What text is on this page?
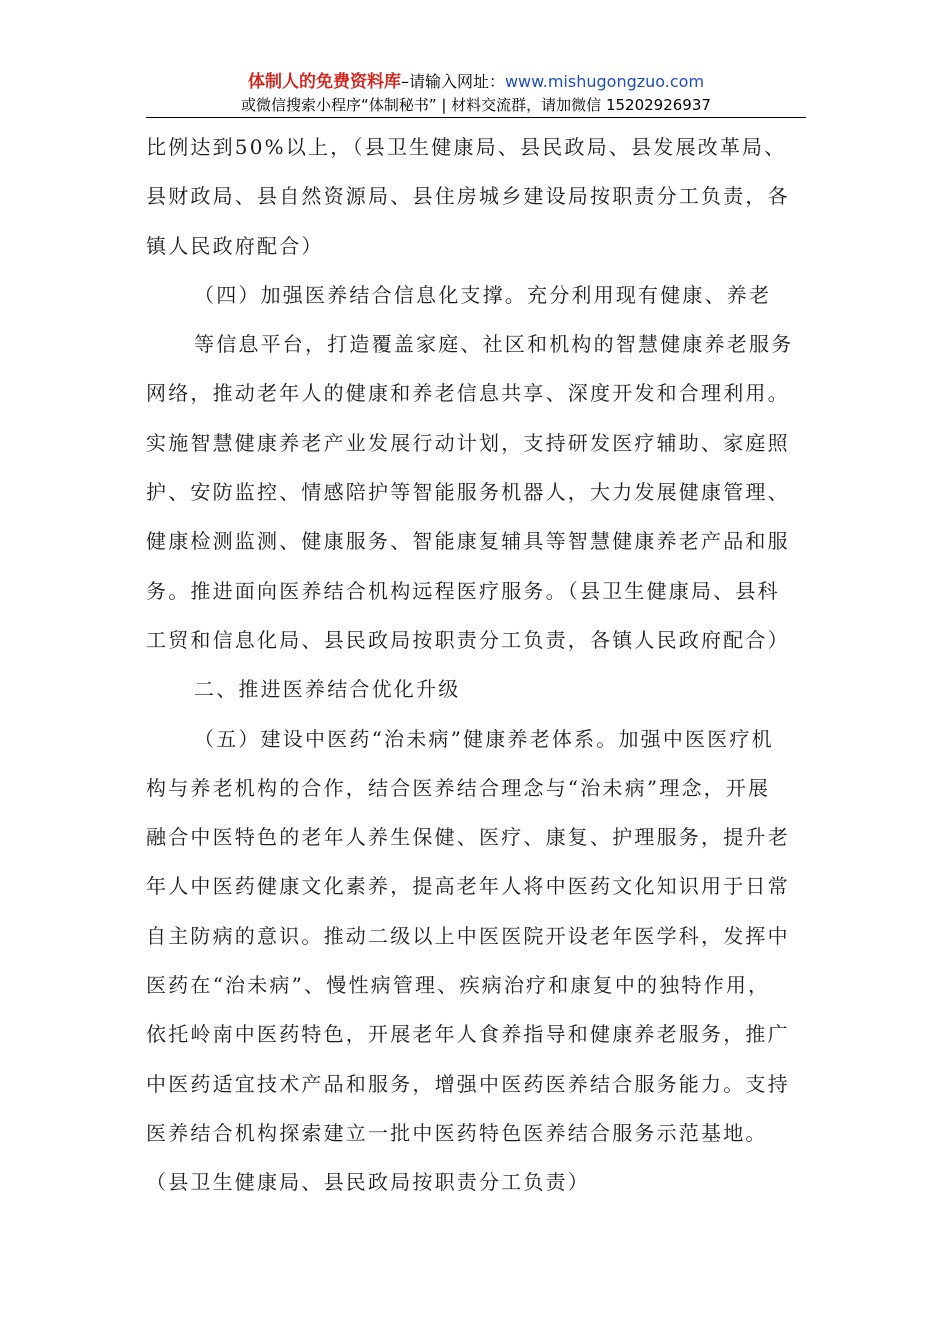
体制人的免费资料库–请输入网址：www.mishugongzuo.com
或微信搜索小程序“体制秘书” | 材料交流群，请加微信 15202926937

比例达到50%以上，（县卫生健康局、县民政局、县发展改革局、

县财政局、县自然资源局、县住房城乡建设局按职责分工负责，各

镇人民政府配合）

（四）加强医养结合信息化支撑。充分利用现有健康、养老

等信息平台，打造覆盖家庭、社区和机构的智慧健康养老服务

网络，推动老年人的健康和养老信息共享、深度开发和合理利用。

实施智慧健康养老产业发展行动计划，支持研发医疗辅助、家庭照

护、安防监控、情感陪护等智能服务机器人，大力发展健康管理、

健康检测监测、健康服务、智能康复辅具等智慧健康养老产品和服

务。推进面向医养结合机构远程医疗服务。（县卫生健康局、县科

工贸和信息化局、县民政局按职责分工负责，各镇人民政府配合）

二、推进医养结合优化升级

（五）建设中医药“治未病”健康养老体系。加强中医医疗机

构与养老机构的合作，结合医养结合理念与“治未病”理念，开展

融合中医特色的老年人养生保健、医疗、康复、护理服务，提升老

年人中医药健康文化素养，提高老年人将中医药文化知识用于日常

自主防病的意识。推动二级以上中医医院开设老年医学科，发挥中

医药在“治未病”、慢性病管理、疾病治疗和康复中的独特作用，

依托岭南中医药特色，开展老年人食养指导和健康养老服务，推广

中医药适宜技术产品和服务，增强中医药医养结合服务能力。支持

医养结合机构探索建立一批中医药特色医养结合服务示范基地。

（县卫生健康局、县民政局按职责分工负责）
